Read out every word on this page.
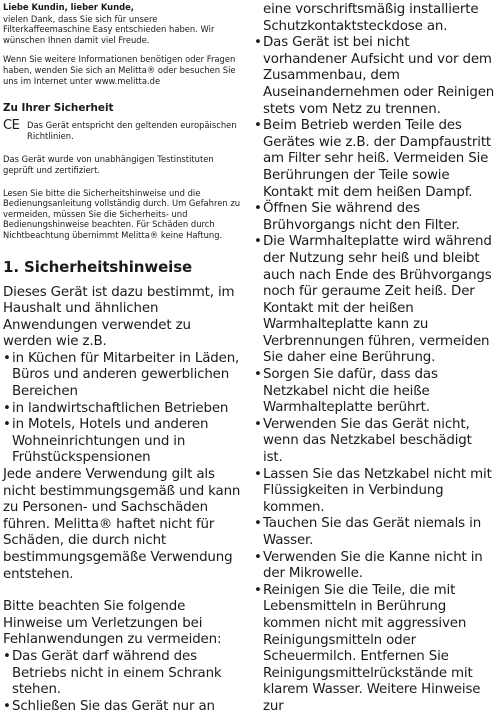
Liebe Kundin, lieber Kunde,

vielen Dank, dass Sie sich für unsere Filterkaffeemaschine Easy entschieden haben. Wir wünschen Ihnen damit viel Freude.

Wenn Sie weitere Informationen benötigen oder Fragen haben, wenden Sie sich an Melitta® oder besuchen Sie uns im Internet unter www.melitta.de

Zu Ihrer Sicherheit

CE Das Gerät entspricht den geltenden europäischen Richtlinien.

Das Gerät wurde von unabhängigen Testinstituten geprüft und zertifiziert.

Lesen Sie bitte die Sicherheitshinweise und die Bedienungsanleitung vollständig durch. Um Gefahren zu vermeiden, müssen Sie die Sicherheits- und Bedienungshinweise beachten. Für Schäden durch Nichtbeachtung übernimmt Melitta® keine Haftung.

1. Sicherheitshinweise

Dieses Gerät ist dazu bestimmt, im Haushalt und ähnlichen Anwendungen verwendet zu werden wie z.B.

• in Küchen für Mitarbeiter in Läden, Büros und anderen gewerblichen Bereichen
• in landwirtschaftlichen Betrieben
• in Motels, Hotels und anderen Wohneinrichtungen und in Frühstückspensionen

Jede andere Verwendung gilt als nicht bestimmungsgemäß und kann zu Personen- und Sachschäden führen. Melitta® haftet nicht für Schäden, die durch nicht bestimmungsgemäße Verwendung entstehen.

Bitte beachten Sie folgende Hinweise um Verletzungen bei Fehlanwendungen zu vermeiden:

• Das Gerät darf während des Betriebs nicht in einem Schrank stehen.
• Schließen Sie das Gerät nur an

eine vorschriftsmäßig installierte Schutzkontaktsteckdose an.

• Das Gerät ist bei nicht vorhandener Aufsicht und vor dem Zusammenbau, dem Auseinandernehmen oder Reinigen stets vom Netz zu trennen.
• Beim Betrieb werden Teile des Gerätes wie z.B. der Dampfaustritt am Filter sehr heiß. Vermeiden Sie Berührungen der Teile sowie Kontakt mit dem heißen Dampf.
• Öffnen Sie während des Brühvorgangs nicht den Filter.
• Die Warmhalteplatte wird während der Nutzung sehr heiß und bleibt auch nach Ende des Brühvorgangs noch für geraume Zeit heiß. Der Kontakt mit der heißen Warmhalteplatte kann zu Verbrennungen führen, vermeiden Sie daher eine Berührung.
• Sorgen Sie dafür, dass das Netzkabel nicht die heiße Warmhalteplatte berührt.
• Verwenden Sie das Gerät nicht, wenn das Netzkabel beschädigt ist.
• Lassen Sie das Netzkabel nicht mit Flüssigkeiten in Verbindung kommen.
• Tauchen Sie das Gerät niemals in Wasser.
• Verwenden Sie die Kanne nicht in der Mikrowelle.
• Reinigen Sie die Teile, die mit Lebensmitteln in Berührung kommen nicht mit aggressiven Reinigungsmitteln oder Scheuermilch. Entfernen Sie Reinigungsmittelrückstände mit klarem Wasser. Weitere Hinweise zur
